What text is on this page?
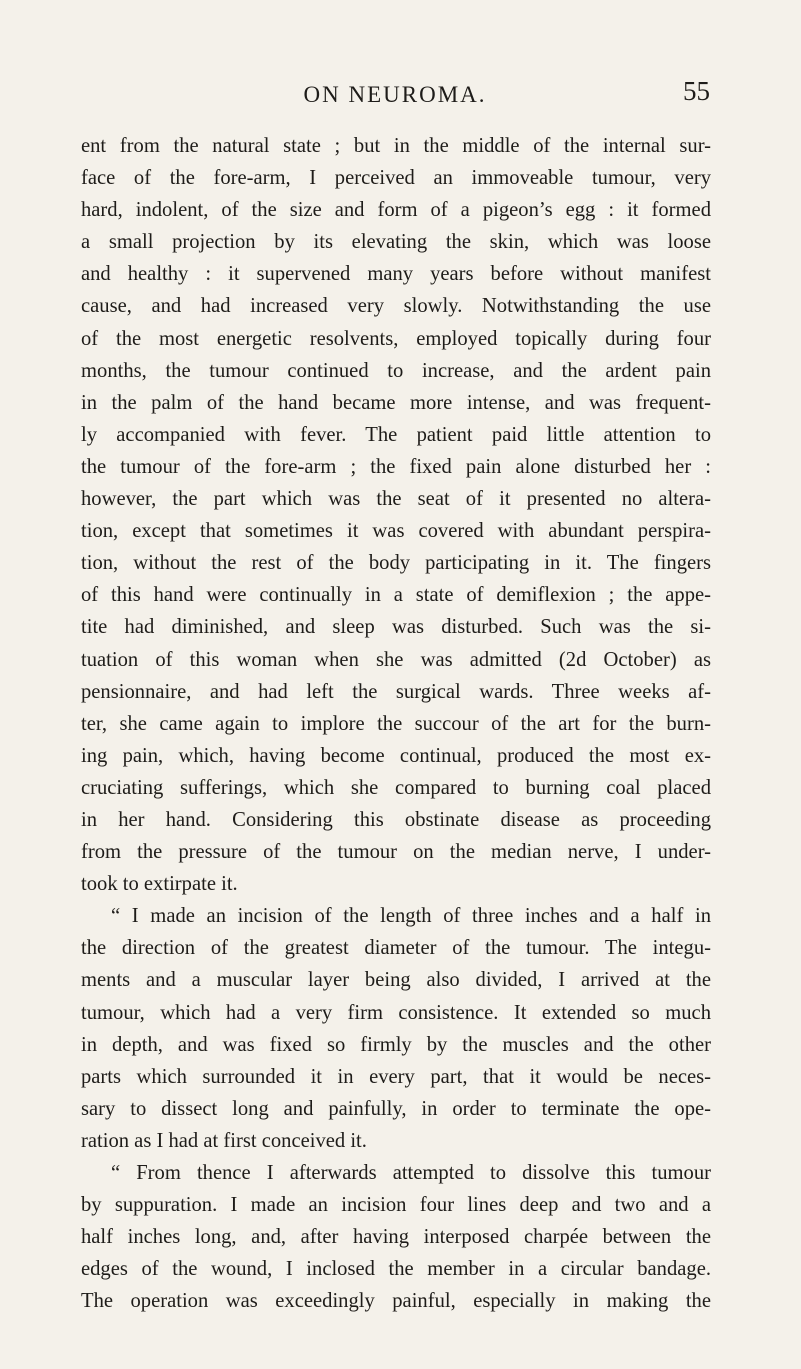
ON NEUROMA.	55
ent from the natural state ; but in the middle of the internal sur-
face of the fore-arm, I perceived an immoveable tumour, very
hard, indolent, of the size and form of a pigeon’s egg : it formed
a small projection by its elevating the skin, which was loose
and healthy : it supervened many years before without manifest
cause, and had increased very slowly. Notwithstanding the use
of the most energetic resolvents, employed topically during four
months, the tumour continued to increase, and the ardent pain
in the palm of the hand became more intense, and was frequent-
ly accompanied with fever. The patient paid little attention to
the tumour of the fore-arm ; the fixed pain alone disturbed her :
however, the part which was the seat of it presented no altera-
tion, except that sometimes it was covered with abundant perspira-
tion, without the rest of the body participating in it. The fingers
of this hand were continually in a state of demiflexion ; the appe-
tite had diminished, and sleep was disturbed. Such was the si-
tuation of this woman when she was admitted (2d October) as
pensionnaire, and had left the surgical wards. Three weeks af-
ter, she came again to implore the succour of the art for the burn-
ing pain, which, having become continual, produced the most ex-
cruciating sufferings, which she compared to burning coal placed
in her hand. Considering this obstinate disease as proceeding
from the pressure of the tumour on the median nerve, I under-
took to extirpate it.
“ I made an incision of the length of three inches and a half in
the direction of the greatest diameter of the tumour. The integu-
ments and a muscular layer being also divided, I arrived at the
tumour, which had a very firm consistence. It extended so much
in depth, and was fixed so firmly by the muscles and the other
parts which surrounded it in every part, that it would be neces-
sary to dissect long and painfully, in order to terminate the ope-
ration as I had at first conceived it.
“ From thence I afterwards attempted to dissolve this tumour
by suppuration. I made an incision four lines deep and two and a
half inches long, and, after having interposed charpée between the
edges of the wound, I inclosed the member in a circular bandage.
The operation was exceedingly painful, especially in making the
